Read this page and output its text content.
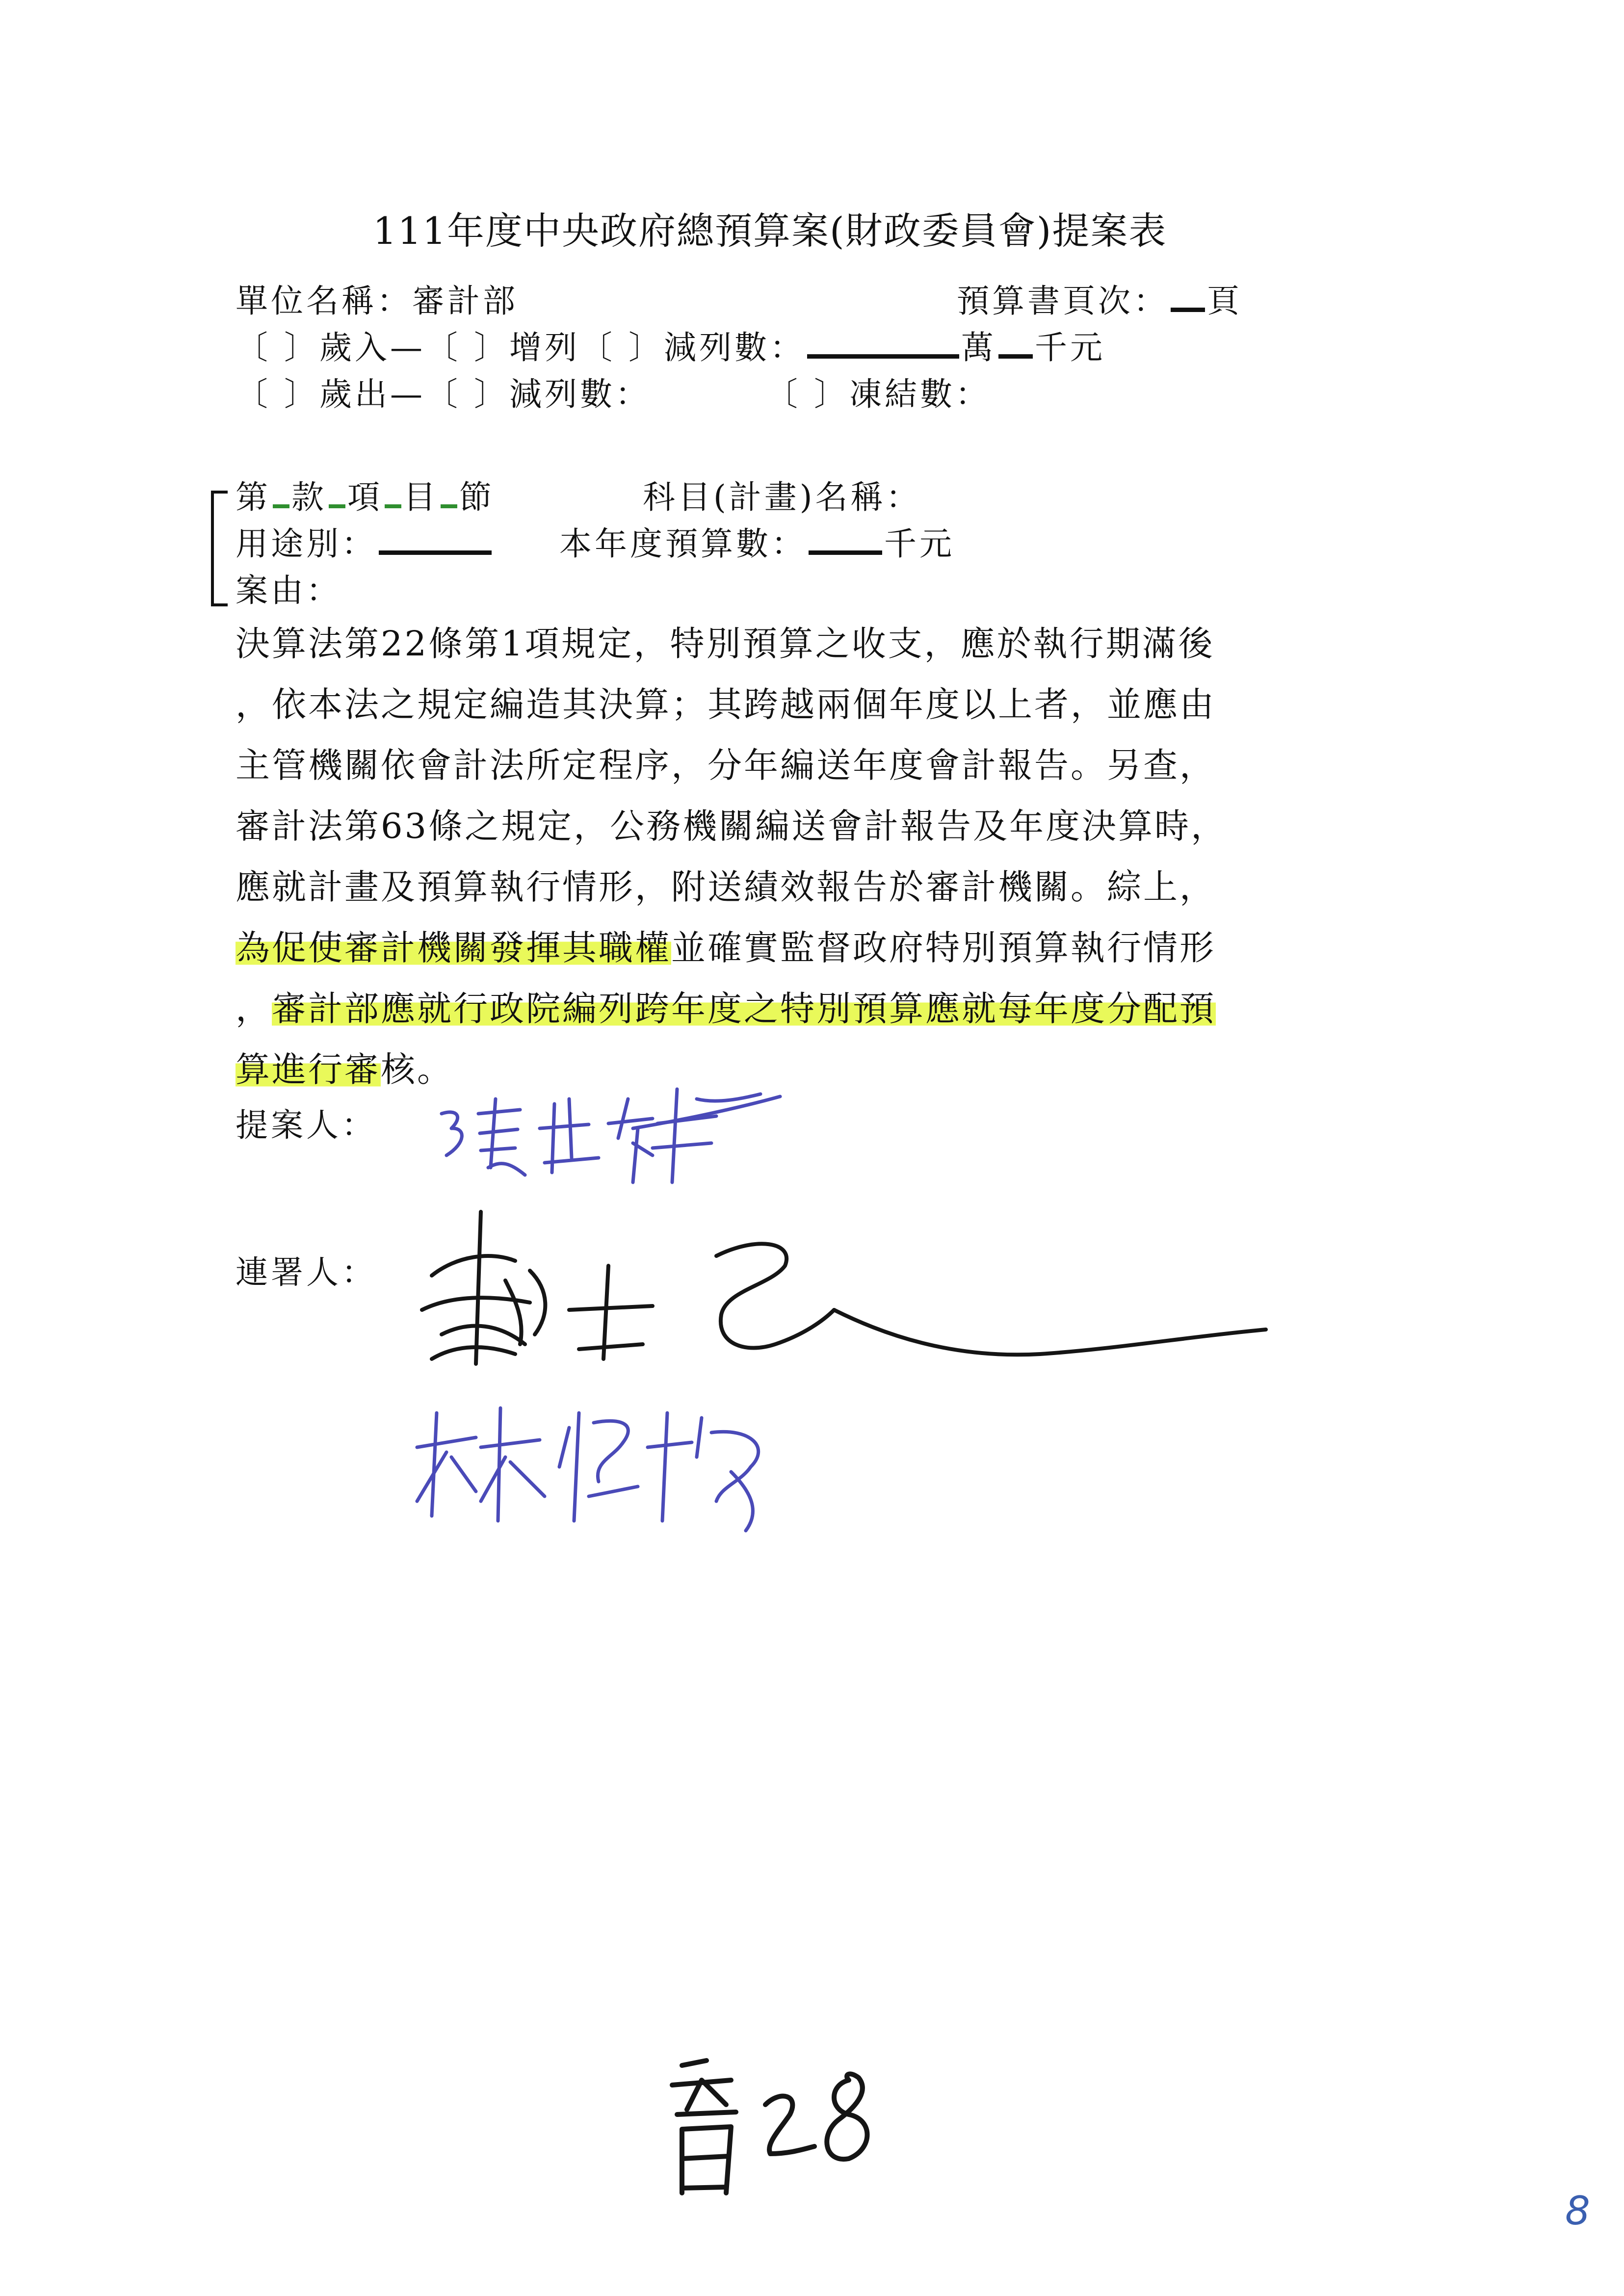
111年度中央政府總預算案(財政委員會)提案表
單位名稱：審計部	預算書頁次： 頁
〔 〕歲入—〔 〕增列〔 〕減列數：	萬 千元
〔 〕歲出—〔 〕減列數：	〔 〕凍結數：
第 款 項 目 節	科目(計畫)名稱：
用途別：	本年度預算數： 千元
案由：
決算法第22條第1項規定，特別預算之收支，應於執行期滿後
，依本法之規定編造其決算；其跨越兩個年度以上者，並應由
主管機關依會計法所定程序，分年編送年度會計報告。另查，
審計法第63條之規定，公務機關編送會計報告及年度決算時，
應就計畫及預算執行情形，附送績效報告於審計機關。綜上，
為促使審計機關發揮其職權並確實監督政府特別預算執行情形
，審計部應就行政院編列跨年度之特別預算應就每年度分配預
算進行審核。
提案人：
連署人：
8
